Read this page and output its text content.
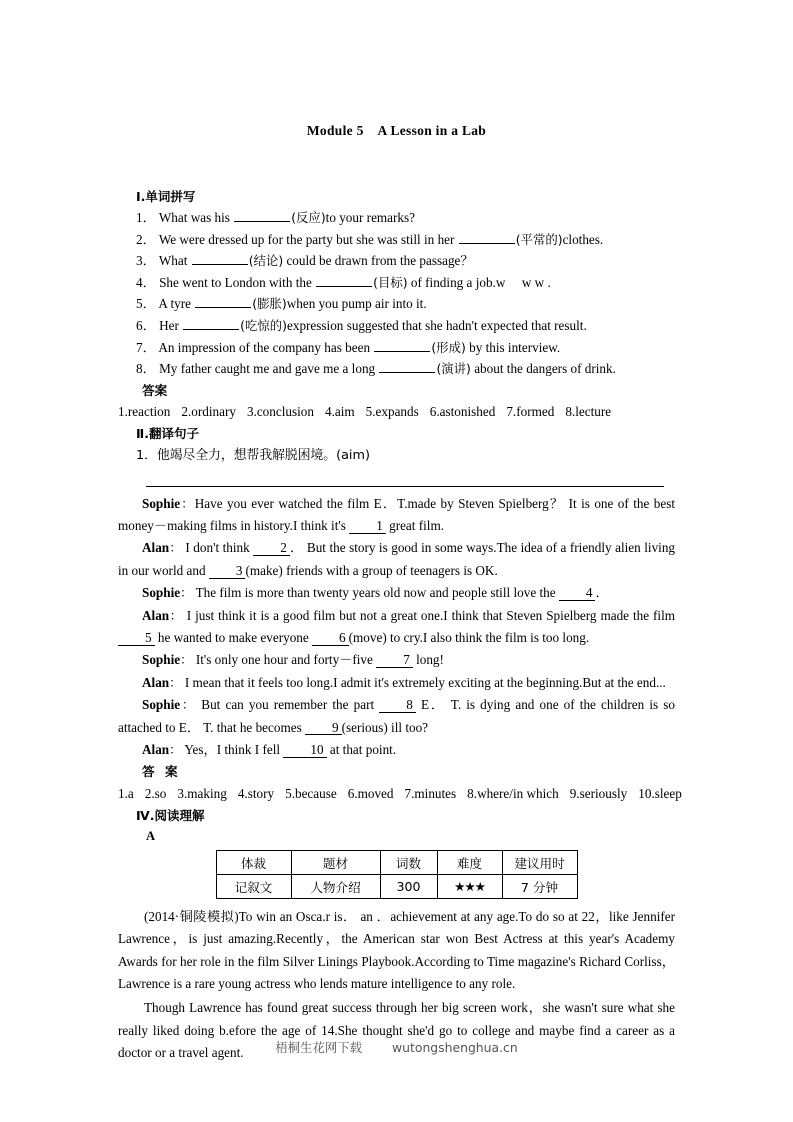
Module 5　A Lesson in a Lab
Ⅰ.单词拼写
1． What was his	(反应)to your remarks?
2． We were dressed up for the party but she was still in her	(平常的)clothes.
3． What	(结论) could be drawn from the passage？
4． She went to London with the	(目标) of finding a job.w 　w w .
5． A tyre	(膨胀)when you pump air into it.
6． Her	(吃惊的)expression suggested that she hadn't expected that result.
7． An impression of the company has been	(形成) by this interview.
8． My father caught me and gave me a long	(演讲) about the dangers of drink.
答案1.reaction 2.ordinary 3.conclusion 4.aim 5.expands 6.astonished 7.formed 8.lecture
Ⅱ.翻译句子
1．他竭尽全力，想帮我解脱困境。(aim)

Sophie：Have you ever watched the film E．T.made by Steven Spielberg？ It is one of the best money－making films in history.I think it's 1 great film.

Alan： I don't think 2 ． But the story is good in some ways.The idea of a friendly alien living in our world and 3 (make) friends with a group of teenagers is OK.

Sophie： The film is more than twenty years old now and people still love the 4 ．

Alan： I just think it is a good film but not a great one.I think that Steven Spielberg made the film 5 he wanted to make everyone 6 (move) to cry.I also think the film is too long.

Sophie： It's only one hour and forty－five 7 long!

Alan： I mean that it feels too long.I admit it's extremely exciting at the beginning.But at the end...

Sophie： But can you remember the part 8 E． T. is dying and one of the children is so attached to E． T. that he becomes 9 (serious) ill too?

Alan： Yes，I think I fell 10 at that point.

答 案1.a 2.so 3.making 4.story 5.because 6.moved 7.minutes 8.where/in which 9.seriously 10.sleep
Ⅳ.阅读理解
A
体裁	题材	词数	难度	建议用时
记叙文	人物介绍	300	★★★	7 分钟

(2014·铜陵模拟)To win an Osca.r is． an ．achievement at any age.To do so at 22，like Jennifer Lawrence，is just amazing.Recently，the American star won Best Actress at this year's Academy Awards for her role in the film Silver Linings Playbook.According to Time magazine's Richard Corliss，Lawrence is a rare young actress who lends mature intelligence to any role.

Though Lawrence has found great success through her big screen work，she wasn't sure what she really liked doing b.efore the age of 14.She thought she'd go to college and maybe find a career as a doctor or a travel agent.	梧桐生花网下载 wutongshenghua.cn
